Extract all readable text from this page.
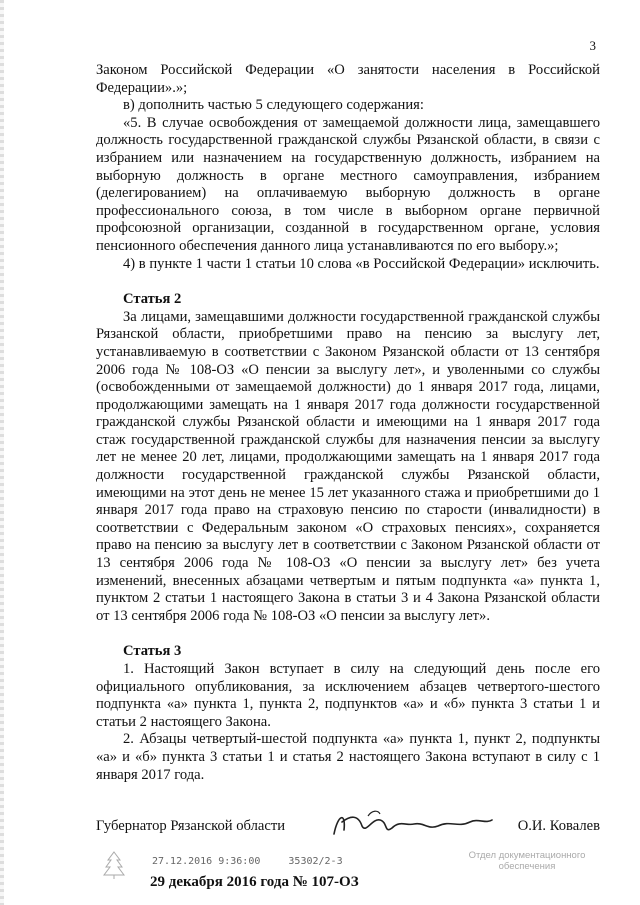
3

Законом Российской Федерации «О занятости населения в Российской Федерации».»;

в) дополнить частью 5 следующего содержания:

«5. В случае освобождения от замещаемой должности лица, замещавшего должность государственной гражданской службы Рязанской области, в связи с избранием или назначением на государственную должность, избранием на выборную должность в органе местного самоуправления, избранием (делегированием) на оплачиваемую выборную должность в органе профессионального союза, в том числе в выборном органе первичной профсоюзной организации, созданной в государственном органе, условия пенсионного обеспечения данного лица устанавливаются по его выбору.»;

4) в пункте 1 части 1 статьи 10 слова «в Российской Федерации» исключить.

Статья 2

За лицами, замещавшими должности государственной гражданской службы Рязанской области, приобретшими право на пенсию за выслугу лет, устанавливаемую в соответствии с Законом Рязанской области от 13 сентября 2006 года № 108-ОЗ «О пенсии за выслугу лет», и уволенными со службы (освобожденными от замещаемой должности) до 1 января 2017 года, лицами, продолжающими замещать на 1 января 2017 года должности государственной гражданской службы Рязанской области и имеющими на 1 января 2017 года стаж государственной гражданской службы для назначения пенсии за выслугу лет не менее 20 лет, лицами, продолжающими замещать на 1 января 2017 года должности государственной гражданской службы Рязанской области, имеющими на этот день не менее 15 лет указанного стажа и приобретшими до 1 января 2017 года право на страховую пенсию по старости (инвалидности) в соответствии с Федеральным законом «О страховых пенсиях», сохраняется право на пенсию за выслугу лет в соответствии с Законом Рязанской области от 13 сентября 2006 года № 108-ОЗ «О пенсии за выслугу лет» без учета изменений, внесенных абзацами четвертым и пятым подпункта «а» пункта 1, пунктом 2 статьи 1 настоящего Закона в статьи 3 и 4 Закона Рязанской области от 13 сентября 2006 года № 108-ОЗ «О пенсии за выслугу лет».

Статья 3

1. Настоящий Закон вступает в силу на следующий день после его официального опубликования, за исключением абзацев четвертого-шестого подпункта «а» пункта 1, пункта 2, подпунктов «а» и «б» пункта 3 статьи 1 и статьи 2 настоящего Закона.

2. Абзацы четвертый-шестой подпункта «а» пункта 1, пункт 2, подпункты «а» и «б» пункта 3 статьи 1 и статья 2 настоящего Закона вступают в силу с 1 января 2017 года.

Губернатор Рязанской области	О.И. Ковалев
27.12.2016 9:36:00	35302/2-3
Отдел документационного обеспечения
29 декабря 2016 года № 107-ОЗ
